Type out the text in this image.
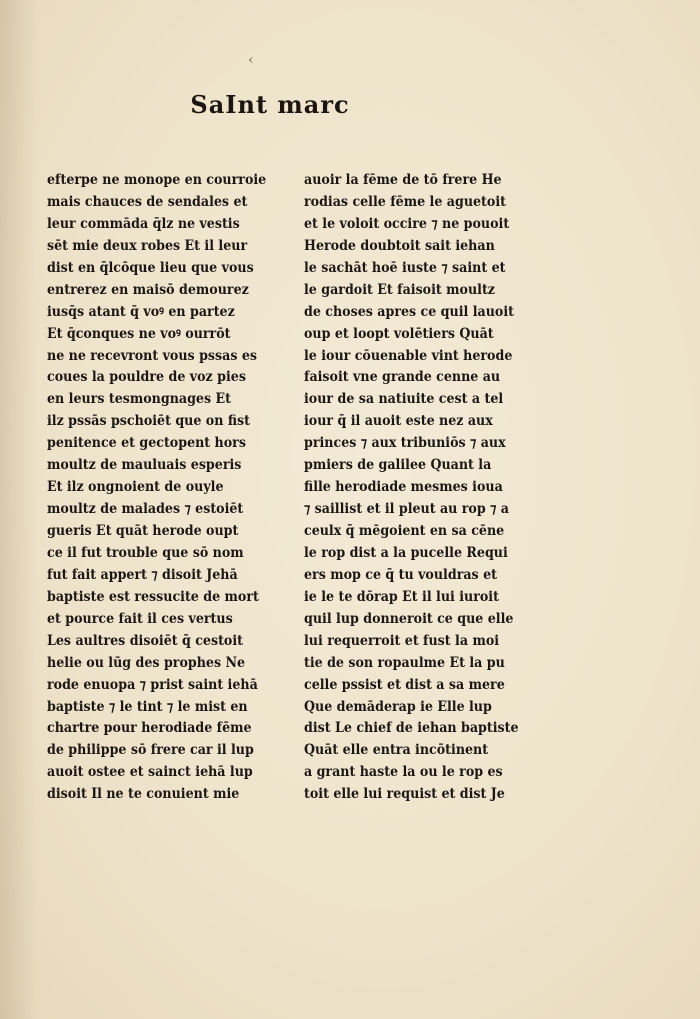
‹
SaInt marc
efterpe ne monope en courroie
mais chauces de sendales et
leur commāda q̄lz ne vestis
sēt mie deux robes Et il leur
dist en q̄lcōque lieu que vous
entrerez en maisō demourez
iusq̄s atant q̄ voꝰ en partez
Et q̄conques ne voꝰ ourrōt
ne ne recevront vous pssas es
coues la pouldre de voz pies
en leurs tesmongnages Et
ilz pssās pschoiēt que on fist
penitence et gectopent hors
moultz de mauluais esperis
Et ilz ongnoient de ouyle
moultz de malades ⁊ estoiēt
gueris Et quāt herode oupt
ce il fut trouble que sō nom
fut fait appert ⁊ disoit Jehā
baptiste est ressucite de mort
et pource fait il ces vertus
Les aultres disoiēt q̄ cestoit
helie ou lūg des prophes Ne
rode enuopa ⁊ prist saint iehā
baptiste ⁊ le tint ⁊ le mist en
chartre pour herodiade fēme
de philippe sō frere car il lup
auoit ostee et sainct iehā lup
disoit Il ne te conuient mie
auoir la fēme de tō frere He
rodias celle fēme le aguetoit
et le voloit occire ⁊ ne pouoit
Herode doubtoit sait iehan
le sachāt hoē iuste ⁊ saint et
le gardoit Et faisoit moultz
de choses apres ce quil lauoit
oup et loopt volētiers Quāt
le iour cōuenable vint herode
faisoit vne grande cenne au
iour de sa natiuite cest a tel
iour q̄ il auoit este nez aux
princes ⁊ aux tribuniōs ⁊ aux
pmiers de galilee Quant la
fille herodiade mesmes ioua
⁊ saillist et il pleut au rop ⁊ a
ceulx q̄ mēgoient en sa cēne
le rop dist a la pucelle Requi
ers mop ce q̄ tu vouldras et
ie le te dōrap Et il lui iuroit
quil lup donneroit ce que elle
lui requerroit et fust la moi
tie de son ropaulme Et la pu
celle pssist et dist a sa mere
Que demāderap ie Elle lup
dist Le chief de iehan baptiste
Quāt elle entra incōtinent
a grant haste la ou le rop es
toit elle lui requist et dist Je
